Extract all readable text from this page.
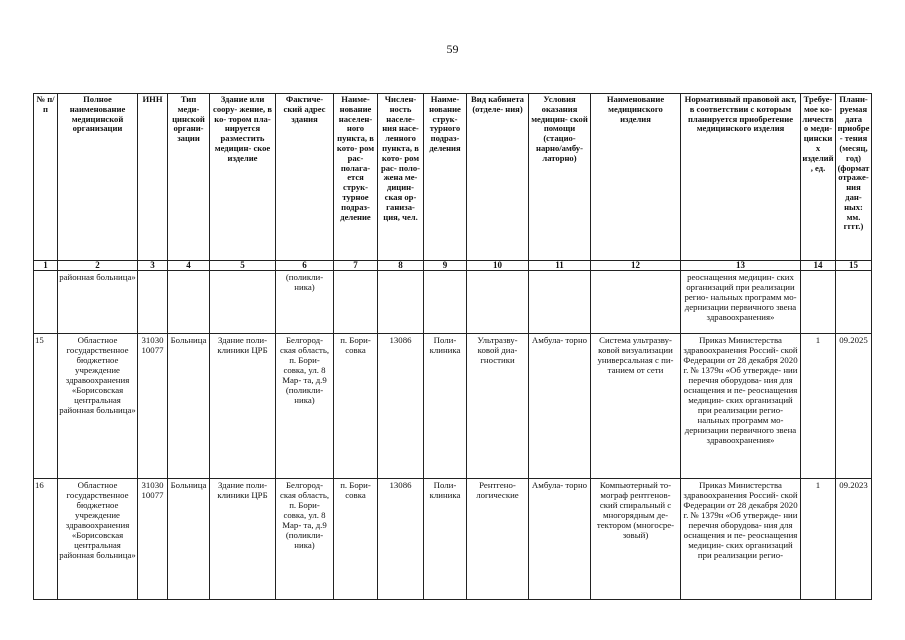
59
№ п/п	Полное наименование медицинской организации	ИНН	Тип меди- цинской органи- зации	Здание или соору- жение, в ко- тором пла- нируется разместить медицин- ское изделие	Фактиче- ский адрес здания	Наиме- нование населен- ного пункта, в кото- ром рас- полага- ется струк- турное подраз- деление	Числен- ность населе- ния насе- ленного пункта, в кото- ром рас- поло- жена ме- дицин- ская ор- ганиза- ция, чел.	Наиме- нование струк- турного подраз- деления	Вид кабинета (отделе- ния)	Условия оказания медицин- ской помощи (стацио- нарно/амбу- латорно)	Наименование медицинского изделия	Нормативный правовой акт, в соответствии с которым планируется приобретение медицинского изделия	Требуе- мое ко- личество меди- цинских изделий, ед.	Плани- руемая дата приобре- тения (месяц, год) (формат отраже- ния дан- ных: мм. гггг.)
1	2	3	4	5	6	7	8	9	10	11	12	13	14	15
	районная больница»				(поликли- ника)							реоснащения медицин- ских организаций при реализации регио- нальных программ мо- дернизации первичного звена здравоохранения»		
15	Областное государственное бюджетное учреждение здравоохранения «Борисовская центральная районная больница»	31030 10077	Больница	Здание поли- клиники ЦРБ	Белгород- ская область, п. Бори- совка, ул. 8 Мар- та, д.9 (поликли- ника)	п. Бори- совка	13086	Поли- клиника	Ультразву- ковой диа- гностики	Амбула- торно	Система ультразву- ковой визуализации универсальная с пи- танием от сети	Приказ Министерства здравоохранения Россий- ской Федерации от 28 декабря 2020 г. № 1379н «Об утвержде- нии перечня оборудова- ния для оснащения и пе- реоснащения медицин- ских организаций при реализации регио- нальных программ мо- дернизации первичного звена здравоохранения»	1	09.2025
16	Областное государственное бюджетное учреждение здравоохранения «Борисовская центральная районная больница»	31030 10077	Больница	Здание поли- клиники ЦРБ	Белгород- ская область, п. Бори- совка, ул. 8 Мар- та, д.9 (поликли- ника)	п. Бори- совка	13086	Поли- клиника	Рентгено- логические	Амбула- торно	Компьютерный то- мограф рентгенов- ский спиральный с многорядным де- тектором (многосре- зовый)	Приказ Министерства здравоохранения Россий- ской Федерации от 28 декабря 2020 г. № 1379н «Об утвержде- нии перечня оборудова- ния для оснащения и пе- реоснащения медицин- ских организаций при реализации регио-	1	09.2023
